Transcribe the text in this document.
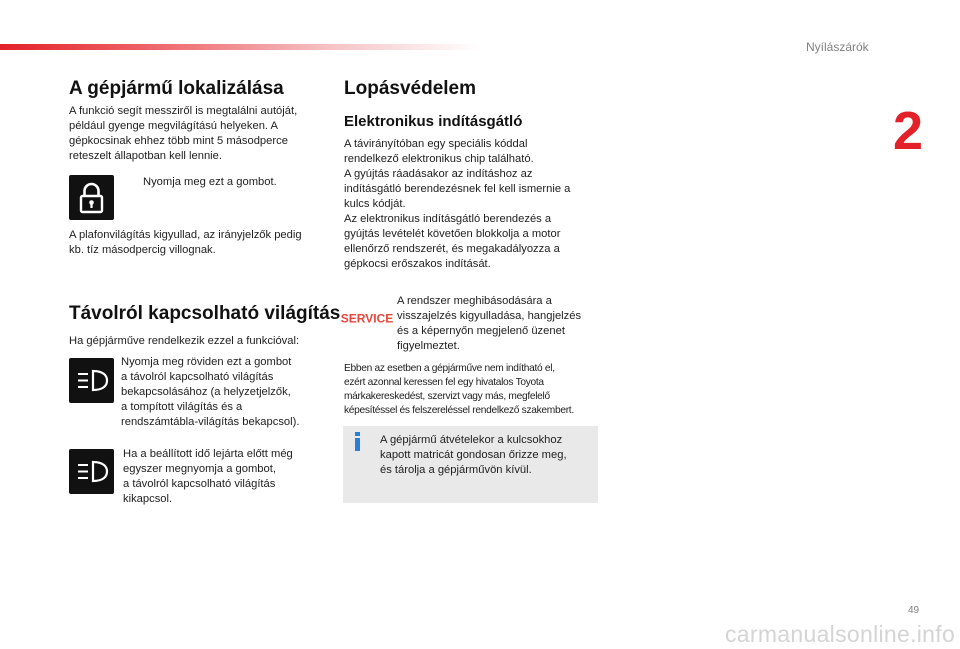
Nyílászárók
2
A gépjármű lokalizálása
A funkció segít messziről is megtalálni autóját,
például gyenge megvilágítású helyeken. A
gépkocsinak ehhez több mint 5 másodperce
reteszelt állapotban kell lennie.
Nyomja meg ezt a gombot.
A plafonvilágítás kigyullad, az irányjelzők pedig
kb. tíz másodpercig villognak.
Távolról kapcsolható világítás
Ha gépjárműve rendelkezik ezzel a funkcióval:
Nyomja meg röviden ezt a gombot
a távolról kapcsolható világítás
bekapcsolásához (a helyzetjelzők,
a tompított világítás és a
rendszámtábla-világítás bekapcsol).
Ha a beállított idő lejárta előtt még
egyszer megnyomja a gombot,
a távolról kapcsolható világítás
kikapcsol.
Lopásvédelem
Elektronikus indításgátló
A távirányítóban egy speciális kóddal
rendelkező elektronikus chip található.
A gyújtás ráadásakor az indításhoz az
indításgátló berendezésnek fel kell ismernie a
kulcs kódját.
Az elektronikus indításgátló berendezés a
gyújtás levételét követően blokkolja a motor
ellenőrző rendszerét, és megakadályozza a
gépkocsi erőszakos indítását.
SERVICE
A rendszer meghibásodására a
visszajelzés kigyulladása, hangjelzés
és a képernyőn megjelenő üzenet
figyelmeztet.
Ebben az esetben a gépjárműve nem indítható el,
ezért azonnal keressen fel egy hivatalos Toyota
márkakereskedést, szervizt vagy más, megfelelő
képesítéssel és felszereléssel rendelkező szakembert.
A gépjármű átvételekor a kulcsokhoz
kapott matricát gondosan őrizze meg,
és tárolja a gépjárművön kívül.
49
carmanualsonline.info
